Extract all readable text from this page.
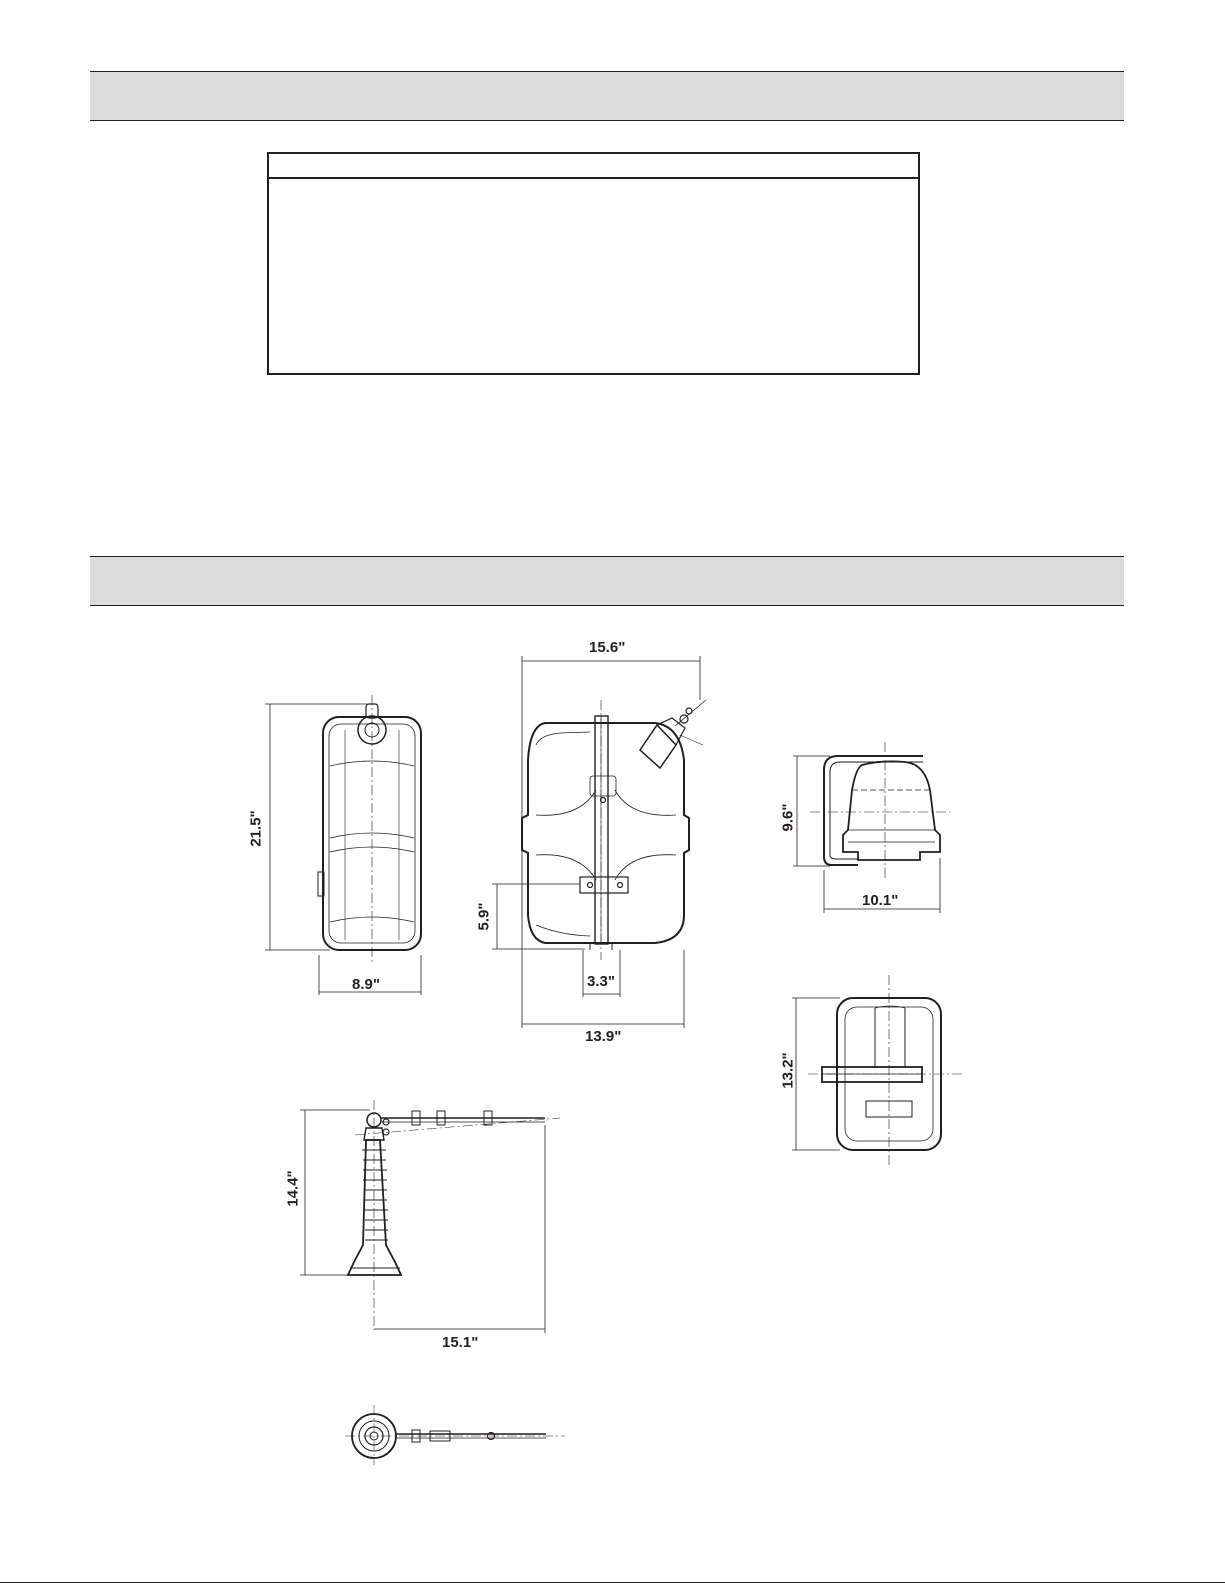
21.5"
8.9"
15.6"
5.9"
3.3"
13.9"
9.6"
10.1"
13.2"
14.4"
15.1"
